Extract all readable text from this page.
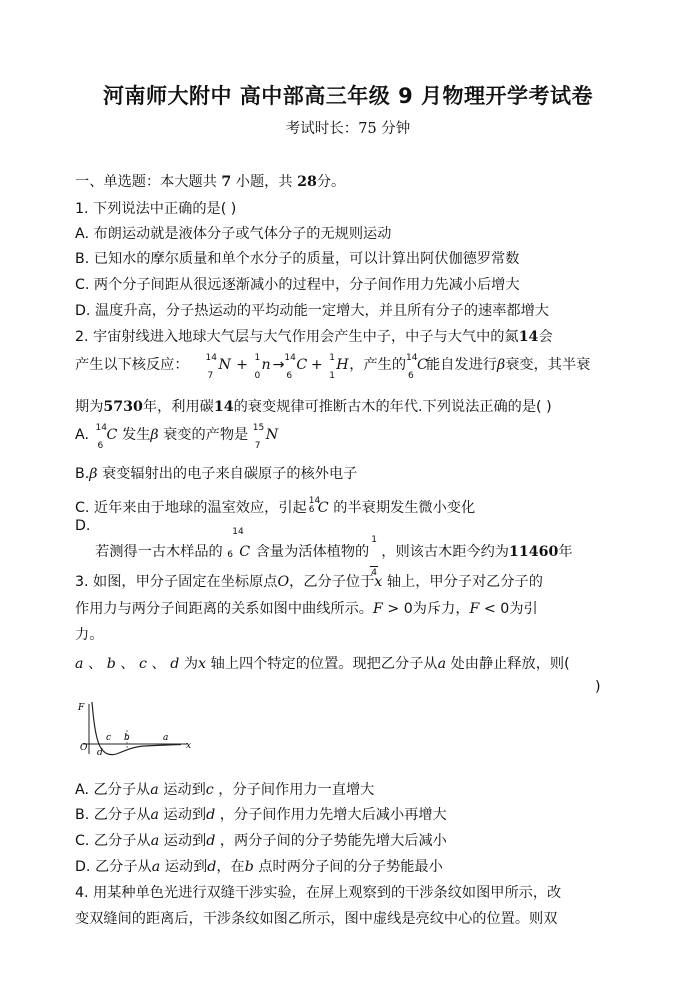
河南师大附中 高中部高三年级 9 月物理开学考试卷
考试时长：75 分钟
一、单选题：本大题共 7 小题，共 28分。
1. 下列说法中正确的是( )
A. 布朗运动就是液体分子或气体分子的无规则运动
B. 已知水的摩尔质量和单个水分子的质量，可以计算出阿伏伽德罗常数
C. 两个分子间距从很远逐渐减小的过程中，分子间作用力先减小后增大
D. 温度升高，分子热运动的平均动能一定增大，并且所有分子的速率都增大
2. 宇宙射线进入地球大气层与大气作用会产生中子，中子与大气中的氮14会
产生以下核反应： 14
7
N + 1
0
n → 14
6
C + 1
1
H，产生的 14
6
C能自发进行β衰变，其半衰
期为5730年，利用碳14的衰变规律可推断古木的年代.下列说法正确的是( )
A. 14
6
C 发生β 衰变的产物是 15
7
N
B.β 衰变辐射出的电子来自碳原子的核外电子
C. 近年来由于地球的温室效应，引起 14
6 C 的半衰期发生微小变化
D.
若测得一古木样品的
14
6 C 含量为活体植物的
$\frac{1}{4}$
，则该古木距今约为11460年
3. 如图，甲分子固定在坐标原点O，乙分子位于x 轴上，甲分子对乙分子的
作用力与两分子间距离的关系如图中曲线所示。F > 0为斥力，F < 0为引
力。
a 、 b 、 c 、 d 为x 轴上四个特定的位置。现把乙分子从a 处由静止释放，则(
)
F
O	x
c b	a
d
A. 乙分子从a 运动到c ，分子间作用力一直增大
B. 乙分子从a 运动到d ，分子间作用力先增大后减小再增大
C. 乙分子从a 运动到d ，两分子间的分子势能先增大后减小
D. 乙分子从a 运动到d，在b 点时两分子间的分子势能最小
4. 用某种单色光进行双缝干涉实验，在屏上观察到的干涉条纹如图甲所示，改
变双缝间的距离后，干涉条纹如图乙所示，图中虚线是亮纹中心的位置。则双
